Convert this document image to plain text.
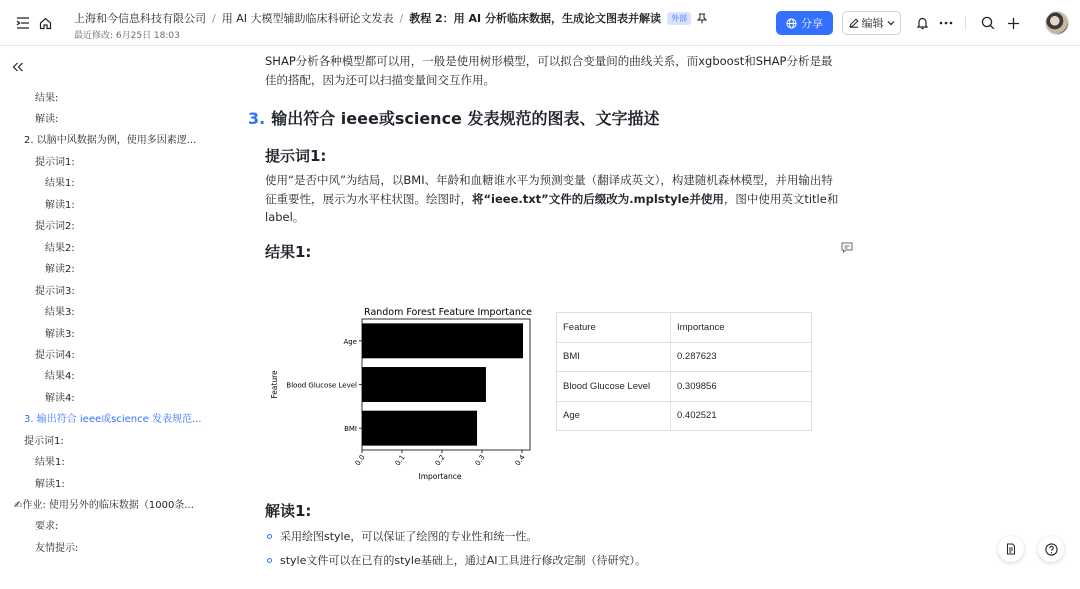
上海和今信息科技有限公司 / 用 AI 大模型辅助临床科研论文发表 / 教程 2：用 AI 分析临床数据，生成论文图表并解读	外部
最近修改: 6月25日 18:03
分享	编辑
结果:
解读:
2. 以脑中风数据为例，使用多因素逻...
提示词1:
结果1:
解读1:
提示词2:
结果2:
解读2:
提示词3:
结果3:
解读3:
提示词4:
结果4:
解读4:
3. 输出符合 ieee或science 发表规范...
提示词1:
结果1:
解读1:
✍作业: 使用另外的临床数据（1000条...
要求:
友情提示:
SHAP分析各种模型都可以用，一般是使用树形模型，可以拟合变量间的曲线关系，而xgboost和SHAP分析是最
佳的搭配，因为还可以扫描变量间交互作用。
3. 输出符合 ieee或science 发表规范的图表、文字描述
提示词1:
使用“是否中风”为结局，以BMI、年龄和血糖谁水平为预测变量（翻译成英文），构建随机森林模型，并用输出特
征重要性，展示为水平柱状图。绘图时，将“ieee.txt”文件的后缀改为.mplstyle并使用，图中使用英文title和
label。
结果1:
Random Forest Feature Importance
Age
Blood Glucose Level
BMI
0.0	0.1	0.2	0.3	0.4
Importance
Feature
Feature	Importance
BMI	0.287623
Blood Glucose Level	0.309856
Age	0.402521
解读1:
采用绘图style，可以保证了绘图的专业性和统一性。
style文件可以在已有的style基础上，通过AI工具进行修改定制（待研究）。
